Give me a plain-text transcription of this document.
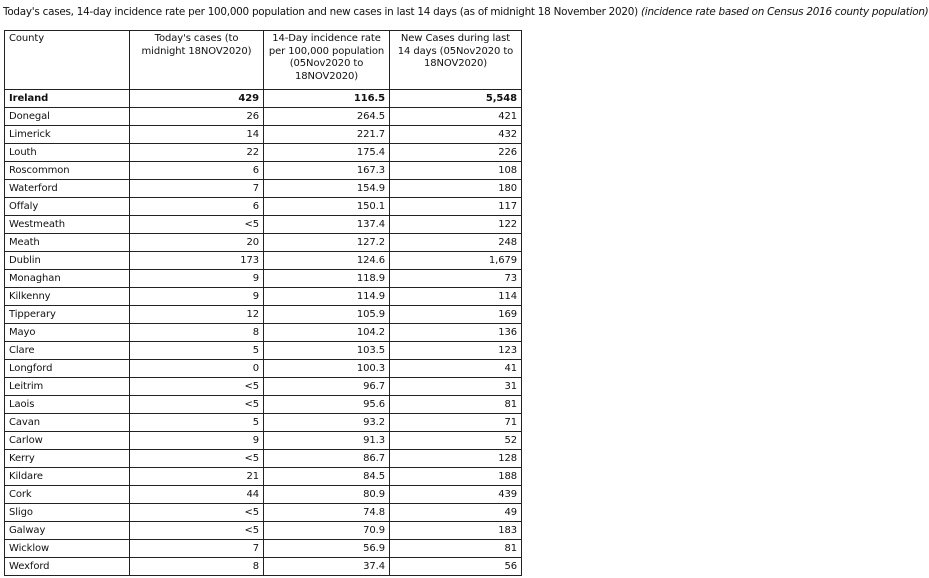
Today's cases, 14-day incidence rate per 100,000 population and new cases in last 14 days (as of midnight 18 November 2020) (incidence rate based on Census 2016 county population)
County	Today's cases (to midnight 18NOV2020)	14-Day incidence rate per 100,000 population (05Nov2020 to 18NOV2020)	New Cases during last 14 days (05Nov2020 to 18NOV2020)
Ireland	429	116.5	5,548
Donegal	26	264.5	421
Limerick	14	221.7	432
Louth	22	175.4	226
Roscommon	6	167.3	108
Waterford	7	154.9	180
Offaly	6	150.1	117
Westmeath	<5	137.4	122
Meath	20	127.2	248
Dublin	173	124.6	1,679
Monaghan	9	118.9	73
Kilkenny	9	114.9	114
Tipperary	12	105.9	169
Mayo	8	104.2	136
Clare	5	103.5	123
Longford	0	100.3	41
Leitrim	<5	96.7	31
Laois	<5	95.6	81
Cavan	5	93.2	71
Carlow	9	91.3	52
Kerry	<5	86.7	128
Kildare	21	84.5	188
Cork	44	80.9	439
Sligo	<5	74.8	49
Galway	<5	70.9	183
Wicklow	7	56.9	81
Wexford	8	37.4	56
